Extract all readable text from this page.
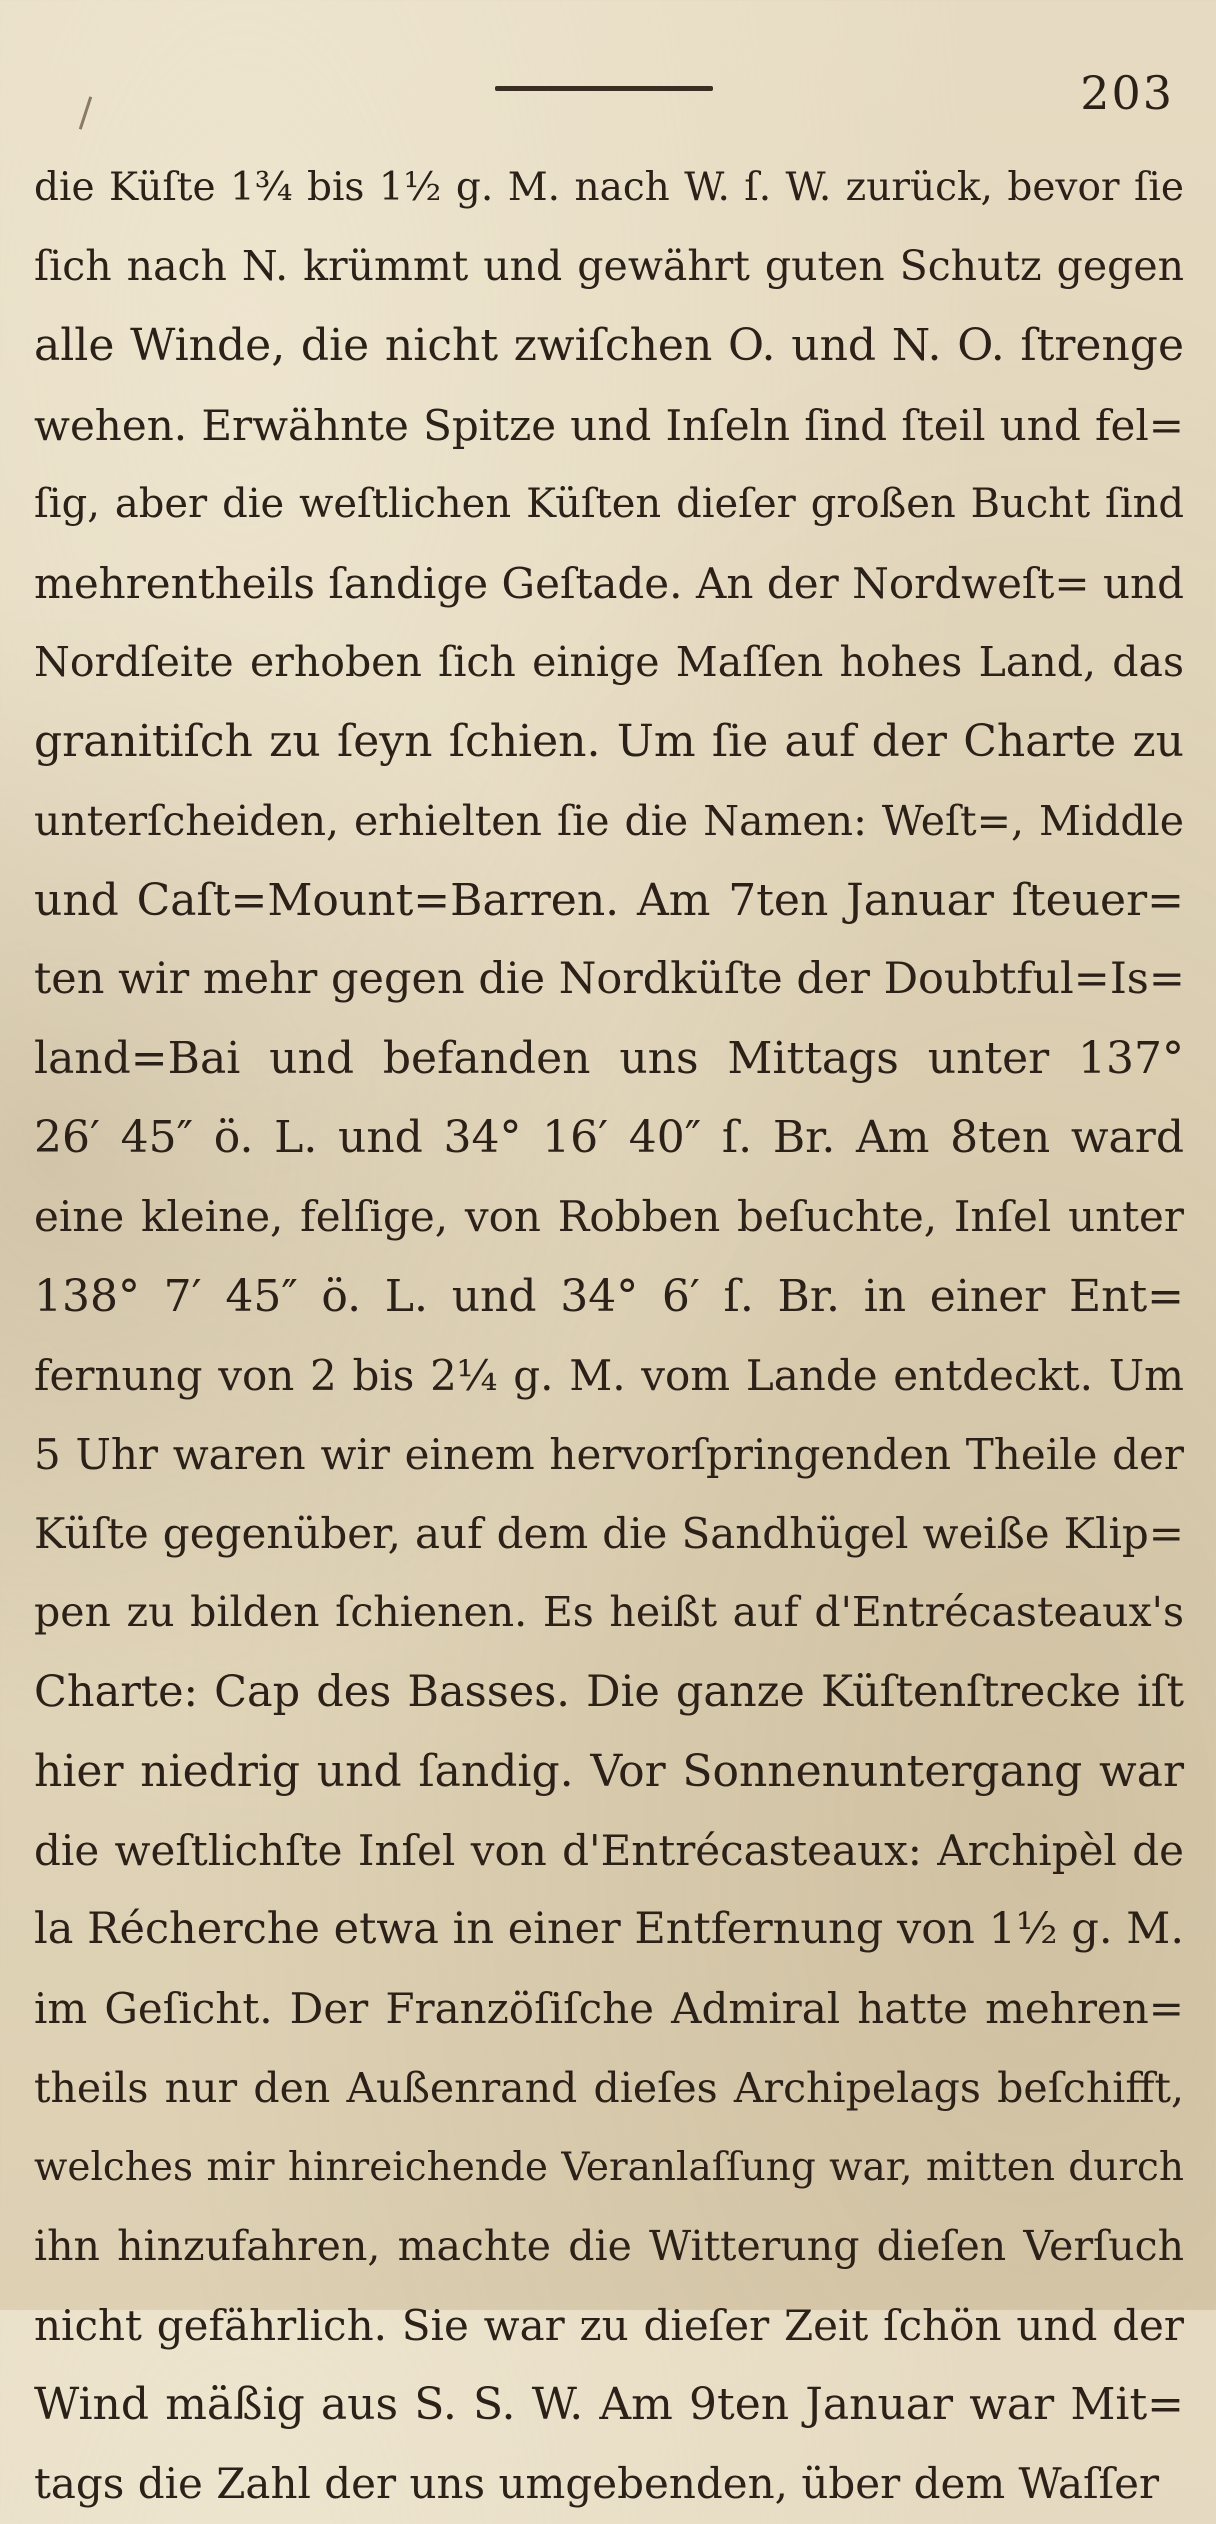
203
die Küſte 1¾ bis 1½ g. M. nach W. ſ. W. zurück, bevor ſie
ſich nach N. krümmt und gewährt guten Schutz gegen
alle Winde, die nicht zwiſchen O. und N. O. ſtrenge
wehen. Erwähnte Spitze und Inſeln ſind ſteil und fel=
ſig, aber die weſtlichen Küſten dieſer großen Bucht ſind
mehrentheils ſandige Geſtade. An der Nordweſt= und
Nordſeite erhoben ſich einige Maſſen hohes Land, das
granitiſch zu ſeyn ſchien. Um ſie auf der Charte zu
unterſcheiden, erhielten ſie die Namen: Weſt=, Middle
und Caſt=Mount=Barren. Am 7ten Januar ſteuer=
ten wir mehr gegen die Nordküſte der Doubtful=Is=
land=Bai und befanden uns Mittags unter 137°
26′ 45″ ö. L. und 34° 16′ 40″ ſ. Br. Am 8ten ward
eine kleine, felſige, von Robben beſuchte, Inſel unter
138° 7′ 45″ ö. L. und 34° 6′ ſ. Br. in einer Ent=
fernung von 2 bis 2¼ g. M. vom Lande entdeckt. Um
5 Uhr waren wir einem hervorſpringenden Theile der
Küſte gegenüber, auf dem die Sandhügel weiße Klip=
pen zu bilden ſchienen. Es heißt auf d'Entrécasteaux's
Charte: Cap des Basses. Die ganze Küſtenſtrecke iſt
hier niedrig und ſandig. Vor Sonnenuntergang war
die weſtlichſte Inſel von d'Entrécasteaux: Archipèl de
la Récherche etwa in einer Entfernung von 1½ g. M.
im Geſicht. Der Franzöſiſche Admiral hatte mehren=
theils nur den Außenrand dieſes Archipelags beſchifft,
welches mir hinreichende Veranlaſſung war, mitten durch
ihn hinzufahren, machte die Witterung dieſen Verſuch
nicht gefährlich. Sie war zu dieſer Zeit ſchön und der
Wind mäßig aus S. S. W. Am 9ten Januar war Mit=
tags die Zahl der uns umgebenden, über dem Waſſer
